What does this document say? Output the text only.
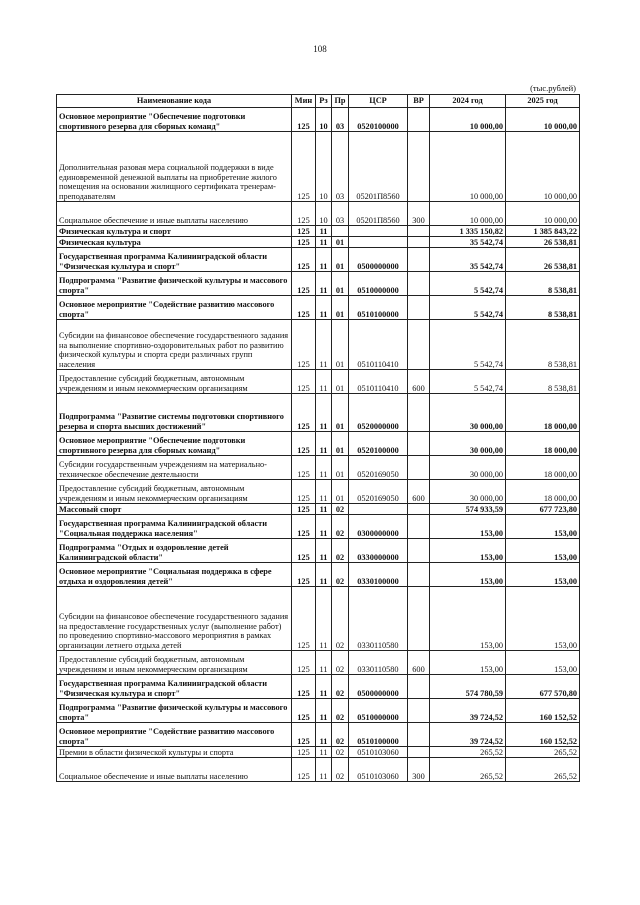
108
(тыс.рублей)
Наименование кода	Мин	Рз	Пр	ЦСР	ВР	2024 год	2025 год
Основное мероприятие "Обеспечение подготовки спортивного резерва для сборных команд"	125	10	03	0520100000		10 000,00	10 000,00
Дополнительная разовая мера социальной поддержки в виде единовременной денежной выплаты на приобретение жилого помещения на основании жилищного сертификата тренерам-преподавателям	125	10	03	05201П8560		10 000,00	10 000,00
Социальное обеспечение и иные выплаты населению	125	10	03	05201П8560	300	10 000,00	10 000,00
Физическая культура и спорт	125	11				1 335 150,82	1 385 843,22
Физическая культура	125	11	01			35 542,74	26 538,81
Государственная программа Калининградской области "Физическая культура и спорт"	125	11	01	0500000000		35 542,74	26 538,81
Подпрограмма "Развитие физической культуры и массового спорта"	125	11	01	0510000000		5 542,74	8 538,81
Основное мероприятие "Содействие развитию массового спорта"	125	11	01	0510100000		5 542,74	8 538,81
Субсидии на финансовое обеспечение государственного задания на выполнение спортивно-оздоровительных работ по развитию физической культуры и спорта среди различных групп населения	125	11	01	0510110410		5 542,74	8 538,81
Предоставление субсидий бюджетным, автономным учреждениям и иным некоммерческим организациям	125	11	01	0510110410	600	5 542,74	8 538,81
Подпрограмма "Развитие системы подготовки спортивного резерва и спорта высших достижений"	125	11	01	0520000000		30 000,00	18 000,00
Основное мероприятие "Обеспечение подготовки спортивного резерва для сборных команд"	125	11	01	0520100000		30 000,00	18 000,00
Субсидии государственным учреждениям на материально-техническое обеспечение деятельности	125	11	01	0520169050		30 000,00	18 000,00
Предоставление субсидий бюджетным, автономным учреждениям и иным некоммерческим организациям	125	11	01	0520169050	600	30 000,00	18 000,00
Массовый спорт	125	11	02			574 933,59	677 723,80
Государственная программа Калининградской области "Социальная поддержка населения"	125	11	02	0300000000		153,00	153,00
Подпрограмма "Отдых и оздоровление детей Калининградской области"	125	11	02	0330000000		153,00	153,00
Основное мероприятие "Социальная поддержка в сфере отдыха и оздоровления детей"	125	11	02	0330100000		153,00	153,00
Субсидии на финансовое обеспечение государственного задания на предоставление государственных услуг (выполнение работ) по проведению спортивно-массового мероприятия в рамках организации летнего отдыха детей	125	11	02	0330110580		153,00	153,00
Предоставление субсидий бюджетным, автономным учреждениям и иным некоммерческим организациям	125	11	02	0330110580	600	153,00	153,00
Государственная программа Калининградской области "Физическая культура и спорт"	125	11	02	0500000000		574 780,59	677 570,80
Подпрограмма "Развитие физической культуры и массового спорта"	125	11	02	0510000000		39 724,52	160 152,52
Основное мероприятие "Содействие развитию массового спорта"	125	11	02	0510100000		39 724,52	160 152,52
Премии в области физической культуры и спорта	125	11	02	0510103060		265,52	265,52
Социальное обеспечение и иные выплаты населению	125	11	02	0510103060	300	265,52	265,52
